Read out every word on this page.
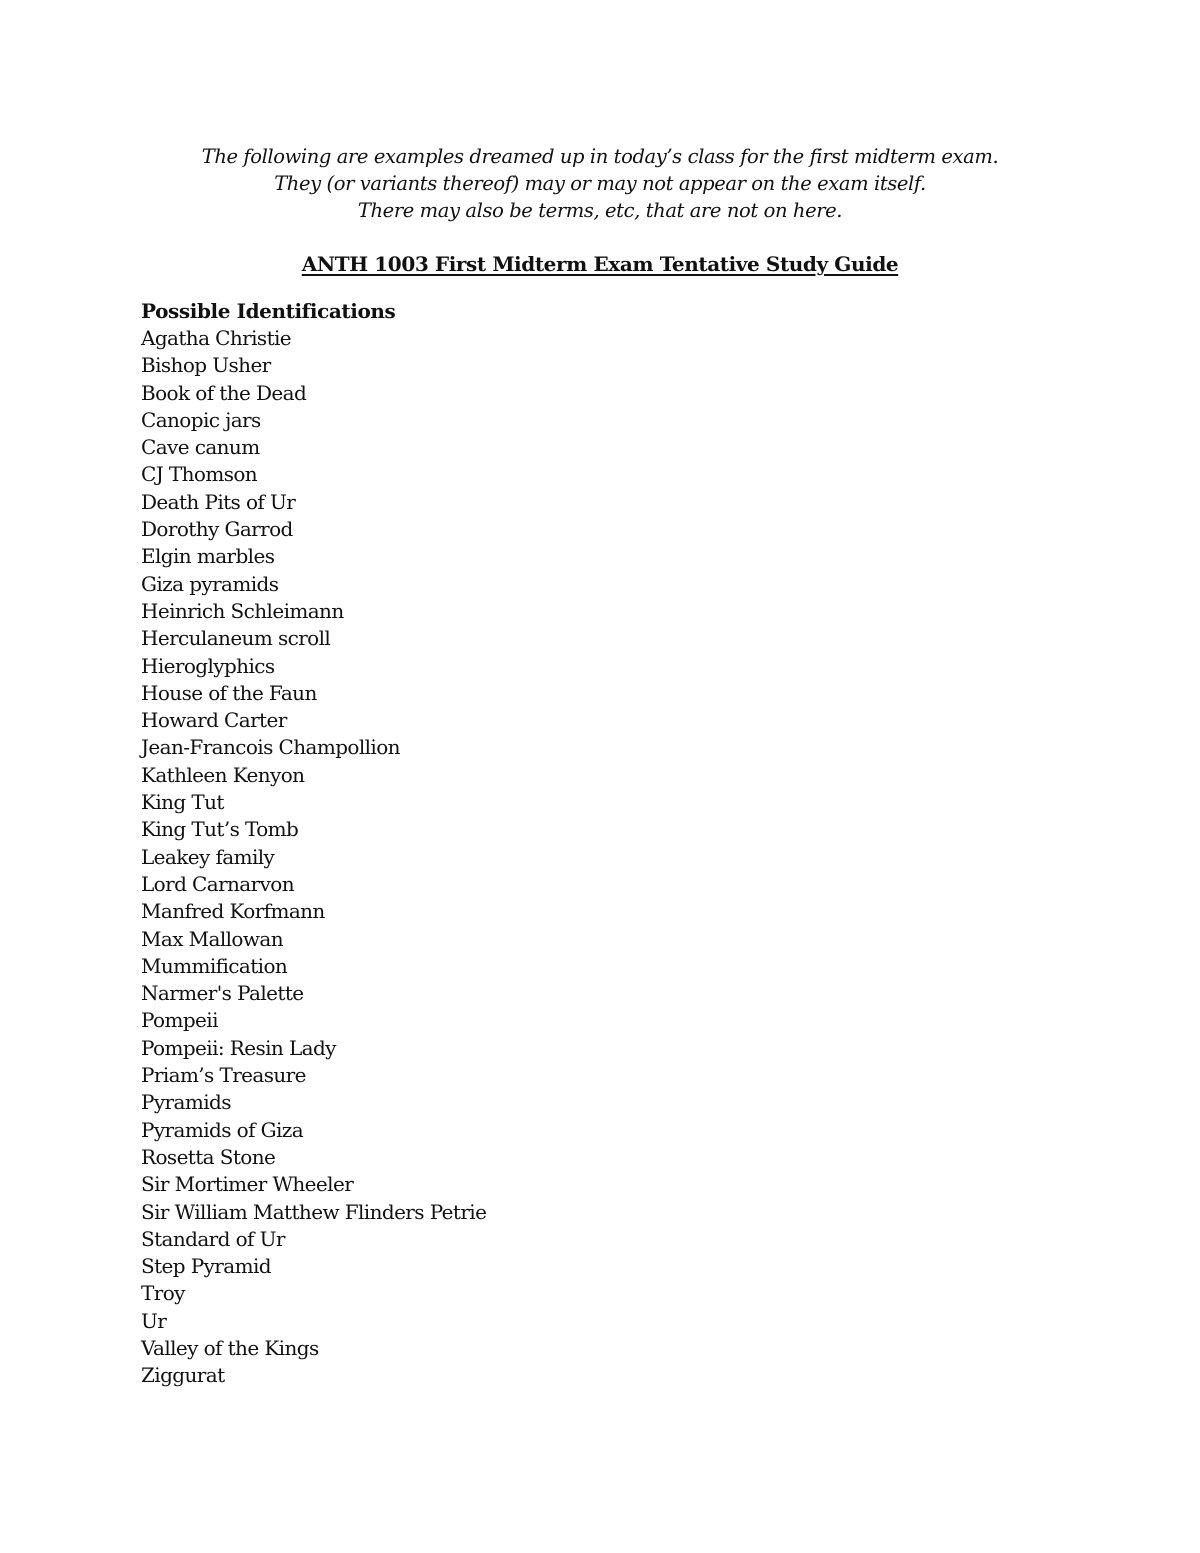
The following are examples dreamed up in today’s class for the first midterm exam.
They (or variants thereof) may or may not appear on the exam itself.
There may also be terms, etc, that are not on here.
ANTH 1003 First Midterm Exam Tentative Study Guide
Possible Identifications
Agatha Christie
Bishop Usher
Book of the Dead
Canopic jars
Cave canum
CJ Thomson
Death Pits of Ur
Dorothy Garrod
Elgin marbles
Giza pyramids
Heinrich Schleimann
Herculaneum scroll
Hieroglyphics
House of the Faun
Howard Carter
Jean-Francois Champollion
Kathleen Kenyon
King Tut
King Tut’s Tomb
Leakey family
Lord Carnarvon
Manfred Korfmann
Max Mallowan
Mummification
Narmer's Palette
Pompeii
Pompeii: Resin Lady
Priam’s Treasure
Pyramids
Pyramids of Giza
Rosetta Stone
Sir Mortimer Wheeler
Sir William Matthew Flinders Petrie
Standard of Ur
Step Pyramid
Troy
Ur
Valley of the Kings
Ziggurat
